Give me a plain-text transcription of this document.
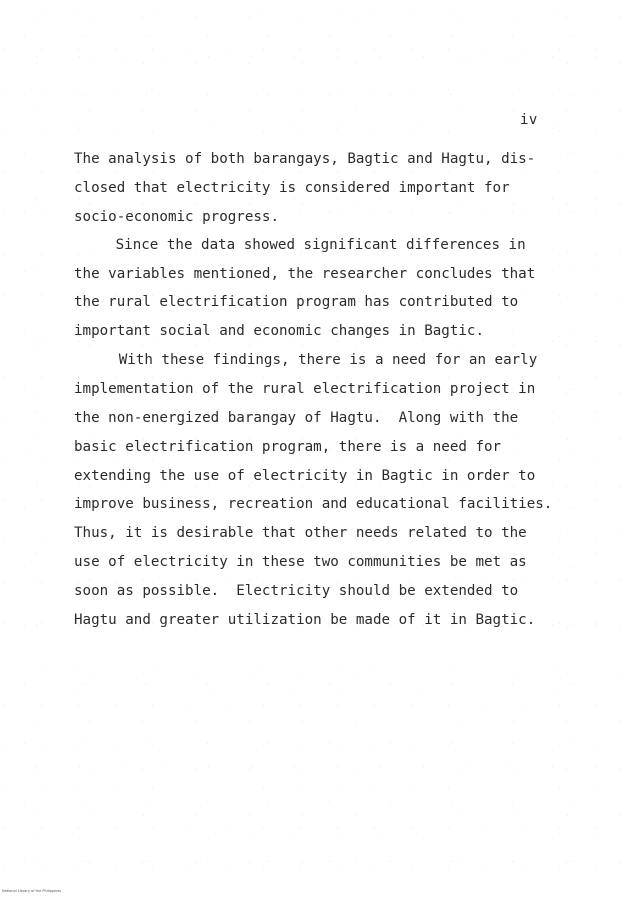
iv
The analysis of both barangays, Bagtic and Hagtu, dis-
closed that electricity is considered important for
socio-economic progress.
Since the data showed significant differences in
the variables mentioned, the researcher concludes that
the rural electrification program has contributed to
important social and economic changes in Bagtic.
With these findings, there is a need for an early
implementation of the rural electrification project in
the non-energized barangay of Hagtu.  Along with the
basic electrification program, there is a need for
extending the use of electricity in Bagtic in order to
improve business, recreation and educational facilities.
Thus, it is desirable that other needs related to the
use of electricity in these two communities be met as
soon as possible.  Electricity should be extended to
Hagtu and greater utilization be made of it in Bagtic.
National Library of the Philippines
